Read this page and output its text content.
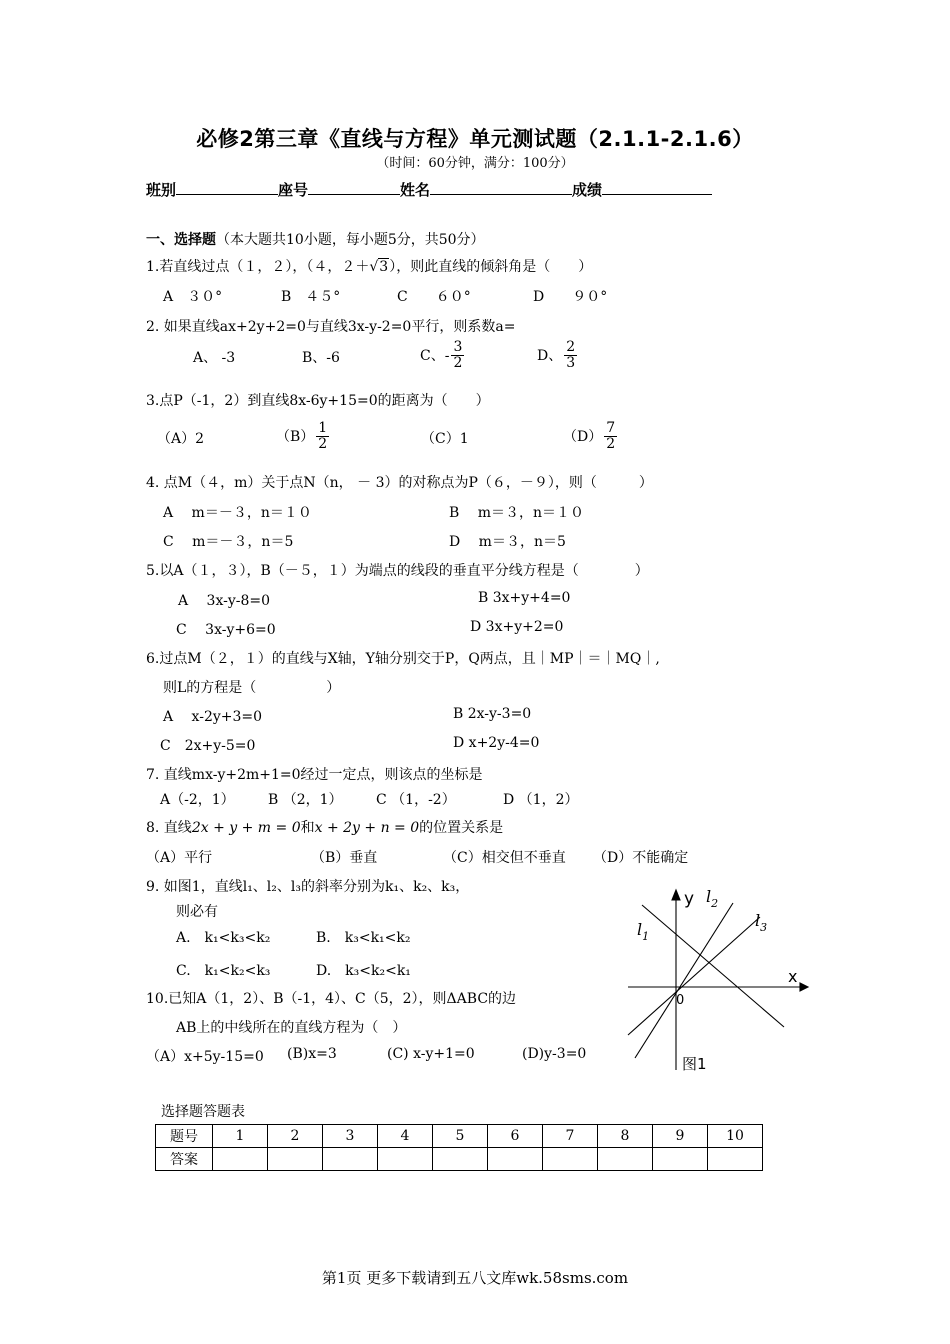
必修2第三章《直线与方程》单元测试题（2.1.1-2.1.6）
（时间：60分钟，满分：100分）
班别	座号	姓名	成绩
一、选择题（本大题共10小题，每小题5分，共50分）
1.若直线过点（１，２），（４，２＋√3），则此直线的倾斜角是（　　）
A　３０°	B　４５°	C　　６０°	D　　９０°
2. 如果直线ax+2y+2=0与直线3x-y-2=0平行，则系数a=
A、 -3	B、-6	C、- $\frac{3}{2}$	D、 $\frac{2}{3}$
3.点P（-1，2）到直线8x-6y+15=0的距离为（　　）
（A）2	$(B) \frac{1}{2}$	（C）1	$(D) \frac{7}{2}$
4. 点M（４，m）关于点N（n， － 3）的对称点为P（６，－９），则（　　　）
A　 m＝－３，n＝１０	B　 m＝３，n＝１０
C　 m＝－３，n＝5	D　 m＝３，n＝5
5.以A（１，３），B（－５，１）为端点的线段的垂直平分线方程是（　　　　）
A　 3x-y-8=0	B 3x+y+4=0
C　 3x-y+6=0	D 3x+y+2=0
6.过点M（２，１）的直线与X轴，Y轴分别交于P，Q两点，且｜MP｜＝｜MQ｜,
则L的方程是（　　　　　）
A　 x-2y+3=0	B 2x-y-3=0
C　2x+y-5=0	D x+2y-4=0
7. 直线mx-y+2m+1=0经过一定点，则该点的坐标是
A（-2，1） B （2，1） C （1，-2）	D （1，2）
8. 直线2x + y + m = 0和x + 2y + n = 0的位置关系是
（A）平行	（B）垂直	（C）相交但不垂直 （D）不能确定
9. 如图1，直线l₁、l₂、l₃的斜率分别为k₁、k₂、k₃，
则必有
A.　k₁<k₃<k₂	B.　k₃<k₁<k₂
C.　k₁<k₂<k₃	D.　k₃<k₂<k₁
10.已知A（1，2）、B（-1，4）、C（5，2），则ΔABC的边
AB上的中线所在的直线方程为（　）
（A）x+5y-15=0 (B)x=3	(C) x-y+1=0	(D)y-3=0
y
x
0
$l_1$
$l_2$
$l_3$
图1
选择题答题表
题号	1	2	3	4	5	6	7	8	9	10
答案										
第1页 更多下载请到五八文库wk.58sms.com
